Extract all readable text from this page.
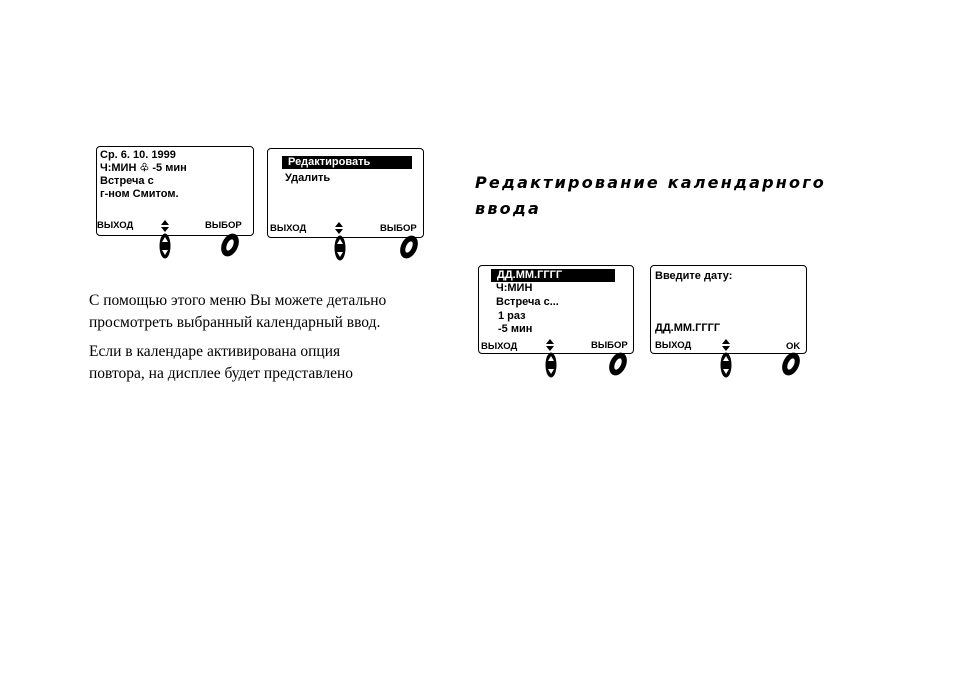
Ср. 6. 10. 1999
Ч:МИН ♧ -5 мин
Встреча с
г-ном Смитом.
ВЫХОД	ВЫБОР
Редактировать
Удалить
ВЫХОД	ВЫБОР
Редактирование календарного
ввода
ДД.ММ.ГГГГ
Ч:МИН
Встреча с...
1 раз
-5 мин
ВЫХОД	ВЫБОР
Введите дату:
ДД.ММ.ГГГГ
ВЫХОД	OK
С помощью этого меню Вы можете детально
просмотреть выбранный календарный ввод.
Если в календаре активирована опция
повтора, на дисплее будет представлено
